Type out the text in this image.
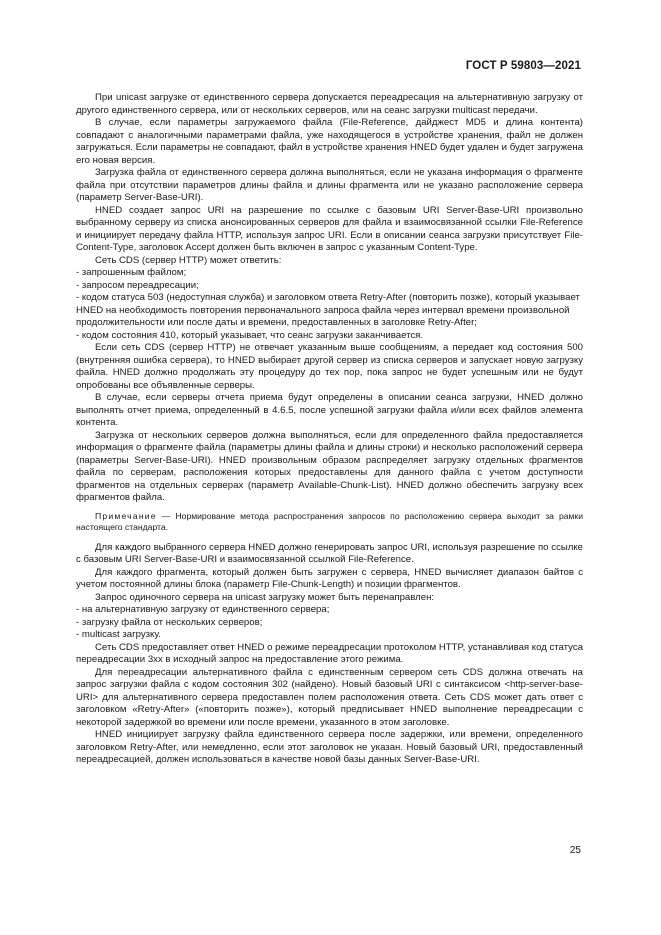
ГОСТ Р 59803—2021

При unicast загрузке от единственного сервера допускается переадресация на альтернативную загрузку от другого единственного сервера, или от нескольких серверов, или на сеанс загрузки multicast передачи.

В случае, если параметры загружаемого файла (File-Reference, дайджест MD5 и длина контента) совпадают с аналогичными параметрами файла, уже находящегося в устройстве хранения, файл не должен загружаться. Если параметры не совпадают, файл в устройстве хранения HNED будет удален и будет загружена его новая версия.

Загрузка файла от единственного сервера должна выполняться, если не указана информация о фрагменте файла при отсутствии параметров длины файла и длины фрагмента или не указано расположение сервера (параметр Server-Base-URI).

HNED создает запрос URI на разрешение по ссылке с базовым URI Server-Base-URI произвольно выбранному серверу из списка анонсированных серверов для файла и взаимосвязанной ссылки File-Reference и инициирует передачу файла HTTP, используя запрос URI. Если в описании сеанса загрузки присутствует File-Content-Type, заголовок Accept должен быть включен в запрос с указанным Content-Type.

Сеть CDS (сервер HTTP) может ответить:

- запрошенным файлом;

- запросом переадресации;

- кодом статуса 503 (недоступная служба) и заголовком ответа Retry-After (повторить позже), который указывает HNED на необходимость повторения первоначального запроса файла через интервал времени произвольной продолжительности или после даты и времени, предоставленных в заголовке Retry-After;

- кодом состояния 410, который указывает, что сеанс загрузки заканчивается.

Если сеть CDS (сервер HTTP) не отвечает указанным выше сообщениям, а передает код состояния 500 (внутренняя ошибка сервера), то HNED выбирает другой сервер из списка серверов и запускает новую загрузку файла. HNED должно продолжать эту процедуру до тех пор, пока запрос не будет успешным или не будут опробованы все объявленные серверы.

В случае, если серверы отчета приема будут определены в описании сеанса загрузки, HNED должно выполнять отчет приема, определенный в 4.6.5, после успешной загрузки файла и/или всех файлов элемента контента.

Загрузка от нескольких серверов должна выполняться, если для определенного файла предоставляется информация о фрагменте файла (параметры длины файла и длины строки) и несколько расположений сервера (параметры Server-Base-URI). HNED произвольным образом распределяет загрузку отдельных фрагментов файла по серверам, расположения которых предоставлены для данного файла с учетом доступности фрагментов на отдельных серверах (параметр Available-Chunk-List). HNED должно обеспечить загрузку всех фрагментов файла.

Примечание — Нормирование метода распространения запросов по расположению сервера выходит за рамки настоящего стандарта.

Для каждого выбранного сервера HNED должно генерировать запрос URI, используя разрешение по ссылке с базовым URI Server-Base-URI и взаимосвязанной ссылкой File-Reference.

Для каждого фрагмента, который должен быть загружен с сервера, HNED вычисляет диапазон байтов с учетом постоянной длины блока (параметр File-Chunk-Length) и позиции фрагментов.

Запрос одиночного сервера на unicast загрузку может быть перенаправлен:

- на альтернативную загрузку от единственного сервера;

- загрузку файла от нескольких серверов;

- multicast загрузку.

Сеть CDS предоставляет ответ HNED о режиме переадресации протоколом HTTP, устанавливая код статуса переадресации 3хх в исходный запрос на предоставление этого режима.

Для переадресации альтернативного файла с единственным сервером сеть CDS должна отвечать на запрос загрузки файла с кодом состояния 302 (найдено). Новый базовый URI с синтаксисом <http-server-base-URI> для альтернативного сервера предоставлен полем расположения ответа. Сеть CDS может дать ответ с заголовком «Retry-After» («повторить позже»), который предписывает HNED выполнение переадресации с некоторой задержкой во времени или после времени, указанного в этом заголовке.

HNED инициирует загрузку файла единственного сервера после задержки, или времени, определенного заголовком Retry-After, или немедленно, если этот заголовок не указан. Новый базовый URI, предоставленный переадресацией, должен использоваться в качестве новой базы данных Server-Base-URI.

25
